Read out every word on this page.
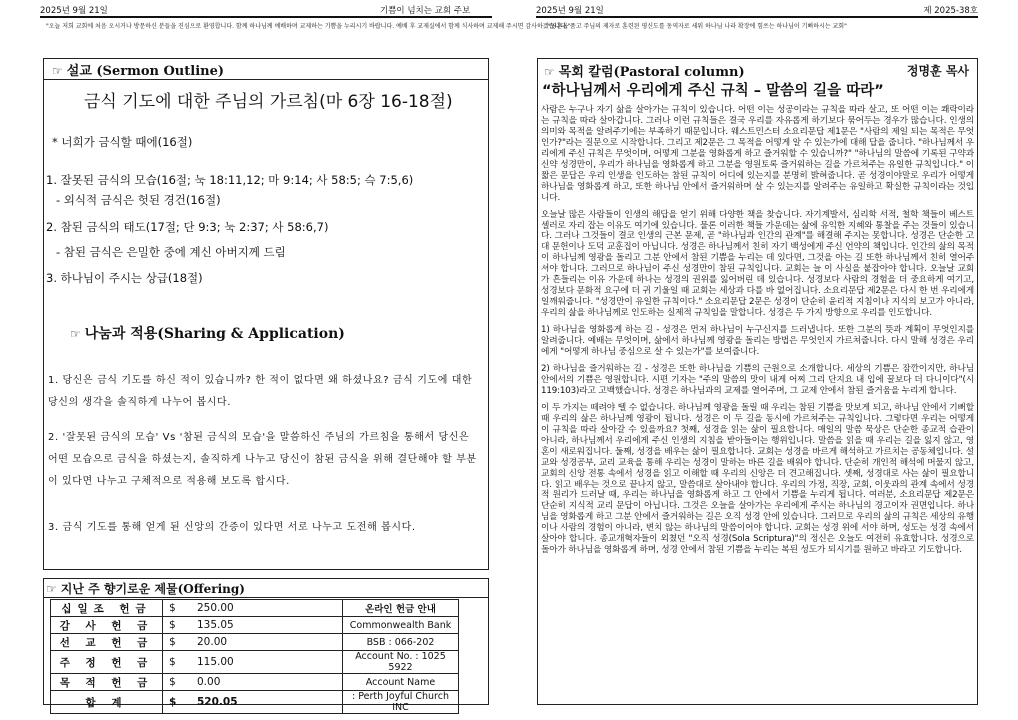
2025년 9월 21일	기쁨이 넘치는 교회 주보	2025년 9월 21일	제 2025-38호
"오늘 저희 교회에 처음 오시거나 방문하신 분들을 진심으로 환영합니다. 함께 하나님께 예배하며 교제하는 기쁨을 누리시기 바랍니다. 예배 후 교제실에서 함께 식사하며 교제해 주시면 감사하겠습니다."
"영혼을 품고 주님의 제자로 훈련된 평신도를 동역자로 세워 하나님 나라 확장에 힘쓰는 하나님이 기뻐하시는 교회"
☞ 설교 (Sermon Outline)
금식 기도에 대한 주님의 가르침(마 6장 16-18절)
* 너희가 금식할 때에(16절)
1. 잘못된 금식의 모습(16절; 눅 18:11,12; 마 9:14; 사 58:5; 슥 7:5,6)
- 외식적 금식은 헛된 경건(16절)
2. 참된 금식의 태도(17절; 단 9:3; 눅 2:37; 사 58:6,7)
- 참된 금식은 은밀한 중에 계신 아버지께 드림
3. 하나님이 주시는 상급(18절)
☞ 나눔과 적용(Sharing & Application)
1. 당신은 금식 기도를 하신 적이 있습니까? 한 적이 없다면 왜 하셨나요? 금식 기도에 대한 당신의 생각을 솔직하게 나누어 봅시다.
2. '잘못된 금식의 모습' Vs '참된 금식의 모습'을 말씀하신 주님의 가르침을 통해서 당신은 어떤 모습으로 금식을 하셨는지, 솔직하게 나누고 당신이 참된 금식을 위해 결단해야 할 부분이 있다면 나누고 구체적으로 적용해 보도록 합시다.
3. 금식 기도를 통해 얻게 된 신앙의 간증이 있다면 서로 나누고 도전해 봅시다.
☞ 지난 주 향기로운 제물(Offering)
십일조 헌금	$ 250.00	온라인 헌금 안내
감 사 헌 금	$ 135.05	Commonwealth Bank
선 교 헌 금	$ 20.00	BSB : 066-202
주 정 헌 금	$ 115.00	Account No. : 1025 5922
목 적 헌 금	$ 0.00	Account Name
합 계	$ 520.05	: Perth Joyful Church INC
☞ 목회 칼럼(Pastoral column)	정명훈 목사
“하나님께서 우리에게 주신 규칙 – 말씀의 길을 따라”

사람은 누구나 자기 삶을 살아가는 규칙이 있습니다. 어떤 이는 성공이라는 규칙을 따라 살고, 또 어떤 이는 쾌락이라는 규칙을 따라 살아갑니다. 그러나 이런 규칙들은 결국 우리를 자유롭게 하기보다 묶어두는 경우가 많습니다. 인생의 의미와 목적을 알려주기에는 부족하기 때문입니다. 웨스트민스터 소요리문답 제1문은 "사람의 제일 되는 목적은 무엇인가?"라는 질문으로 시작합니다. 그리고 제2문은 그 목적을 어떻게 알 수 있는가에 대해 답을 줍니다. "하나님께서 우리에게 주신 규칙은 무엇이며, 어떻게 그분을 영화롭게 하고 즐거워할 수 있습니까?" "하나님의 말씀에 기록된 구약과 신약 성경만이, 우리가 하나님을 영화롭게 하고 그분을 영원토록 즐거워하는 길을 가르쳐주는 유일한 규칙입니다." 이 짧은 문답은 우리 인생을 인도하는 참된 규칙이 어디에 있는지를 분명히 밝혀줍니다. 곧 성경이야말로 우리가 어떻게 하나님을 영화롭게 하고, 또한 하나님 안에서 즐거워하며 살 수 있는지를 알려주는 유일하고 확실한 규칙이라는 것입니다.

오늘날 많은 사람들이 인생의 해답을 얻기 위해 다양한 책을 찾습니다. 자기계발서, 심리학 서적, 철학 책들이 베스트셀러로 자리 잡는 이유도 여기에 있습니다. 물론 이러한 책들 가운데는 삶에 유익한 지혜와 통찰을 주는 것들이 있습니다. 그러나 그것들이 결코 인생의 근본 문제, 곧 "하나님과 인간의 관계"를 해결해 주지는 못합니다. 성경은 단순한 고대 문헌이나 도덕 교훈집이 아닙니다. 성경은 하나님께서 친히 자기 백성에게 주신 언약의 책입니다. 인간의 삶의 목적이 하나님께 영광을 돌리고 그분 안에서 참된 기쁨을 누리는 데 있다면, 그것을 아는 길 또한 하나님께서 친히 열어주셔야 합니다. 그러므로 하나님이 주신 성경만이 참된 규칙입니다. 교회는 늘 이 사실을 붙잡아야 합니다. 오늘날 교회가 흔들리는 이유 가운데 하나는 성경의 권위를 잃어버린 데 있습니다. 성경보다 사람의 경험을 더 중요하게 여기고, 성경보다 문화적 요구에 더 귀 기울일 때 교회는 세상과 다를 바 없어집니다. 소요리문답 제2문은 다시 한 번 우리에게 일깨워줍니다. "성경만이 유일한 규칙이다." 소요리문답 2문은 성경이 단순히 윤리적 지침이나 지식의 보고가 아니라, 우리의 삶을 하나님께로 인도하는 실제적 규칙임을 말합니다. 성경은 두 가지 방향으로 우리를 인도합니다.

1) 하나님을 영화롭게 하는 길 - 성경은 먼저 하나님이 누구신지를 드러냅니다. 또한 그분의 뜻과 계획이 무엇인지를 알려줍니다. 예배는 무엇이며, 삶에서 하나님께 영광을 돌리는 방법은 무엇인지 가르쳐줍니다. 다시 말해 성경은 우리에게 "어떻게 하나님 중심으로 살 수 있는가"를 보여줍니다.

2) 하나님을 즐거워하는 길 - 성경은 또한 하나님을 기쁨의 근원으로 소개합니다. 세상의 기쁨은 잠깐이지만, 하나님 안에서의 기쁨은 영원합니다. 시편 기자는 "주의 말씀의 맛이 내게 어찌 그리 단지요 내 입에 꿀보다 더 다니이다"(시 119:103)라고 고백했습니다. 성경은 하나님과의 교제를 열어주며, 그 교제 안에서 참된 즐거움을 누리게 합니다.

이 두 가지는 떼려야 뗄 수 없습니다. 하나님께 영광을 돌릴 때 우리는 참된 기쁨을 맛보게 되고, 하나님 안에서 기뻐할 때 우리의 삶은 하나님께 영광이 됩니다. 성경은 이 두 길을 동시에 가르쳐주는 규칙입니다. 그렇다면 우리는 어떻게 이 규칙을 따라 살아갈 수 있을까요? 첫째, 성경을 읽는 삶이 필요합니다. 매일의 말씀 묵상은 단순한 종교적 습관이 아니라, 하나님께서 우리에게 주신 인생의 지침을 받아들이는 행위입니다. 말씀을 읽을 때 우리는 길을 잃지 않고, 영혼이 새로워집니다. 둘째, 성경을 배우는 삶이 필요합니다. 교회는 성경을 바르게 해석하고 가르치는 공동체입니다. 설교와 성경공부, 교리 교육을 통해 우리는 성경이 말하는 바른 길을 배워야 합니다. 단순히 개인적 해석에 머물지 않고, 교회의 신앙 전통 속에서 성경을 읽고 이해할 때 우리의 신앙은 더 견고해집니다. 셋째, 성경대로 사는 삶이 필요합니다. 읽고 배우는 것으로 끝나지 않고, 말씀대로 살아내야 합니다. 우리의 가정, 직장, 교회, 이웃과의 관계 속에서 성경적 원리가 드러날 때, 우리는 하나님을 영화롭게 하고 그 안에서 기쁨을 누리게 됩니다. 여러분, 소요리문답 제2문은 단순히 지식적 교리 문답이 아닙니다. 그것은 오늘을 살아가는 우리에게 주시는 하나님의 경고이자 권면입니다. 하나님을 영화롭게 하고 그분 안에서 즐거워하는 길은 오직 성경 안에 있습니다. 그러므로 우리의 삶의 규칙은 세상의 유행이나 사람의 경험이 아니라, 변치 않는 하나님의 말씀이어야 합니다. 교회는 성경 위에 서야 하며, 성도는 성경 속에서 살아야 합니다. 종교개혁자들이 외쳤던 "오직 성경(Sola Scriptura)"의 정신은 오늘도 여전히 유효합니다. 성경으로 돌아가 하나님을 영화롭게 하며, 성경 안에서 참된 기쁨을 누리는 복된 성도가 되시기를 원하고 바라고 기도합니다.
